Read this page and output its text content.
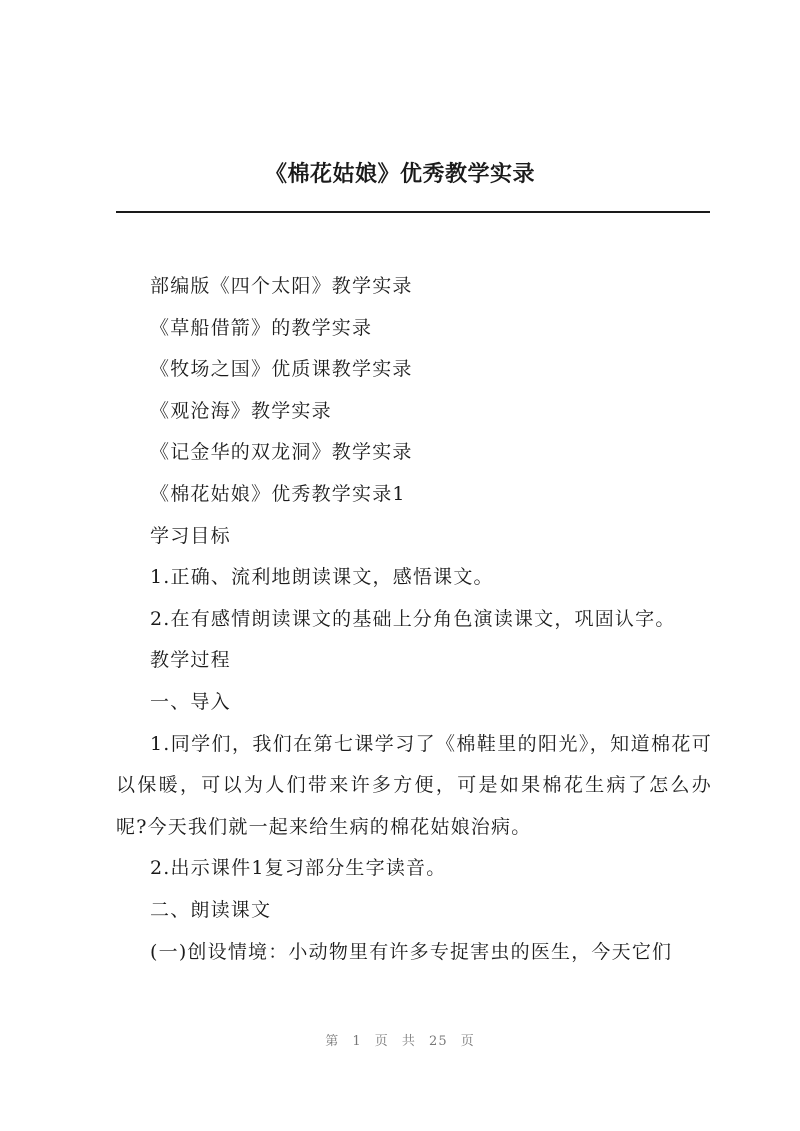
《棉花姑娘》优秀教学实录

部编版《四个太阳》教学实录

《草船借箭》的教学实录

《牧场之国》优质课教学实录

《观沧海》教学实录

《记金华的双龙洞》教学实录

《棉花姑娘》优秀教学实录1

学习目标

1.正确、流利地朗读课文，感悟课文。

2.在有感情朗读课文的基础上分角色演读课文，巩固认字。

教学过程

一、导入

1.同学们，我们在第七课学习了《棉鞋里的阳光》，知道棉花可以保暖，可以为人们带来许多方便，可是如果棉花生病了怎么办呢?今天我们就一起来给生病的棉花姑娘治病。

2.出示课件1复习部分生字读音。

二、朗读课文

(一)创设情境：小动物里有许多专捉害虫的医生，今天它们

第 1 页 共 25 页
